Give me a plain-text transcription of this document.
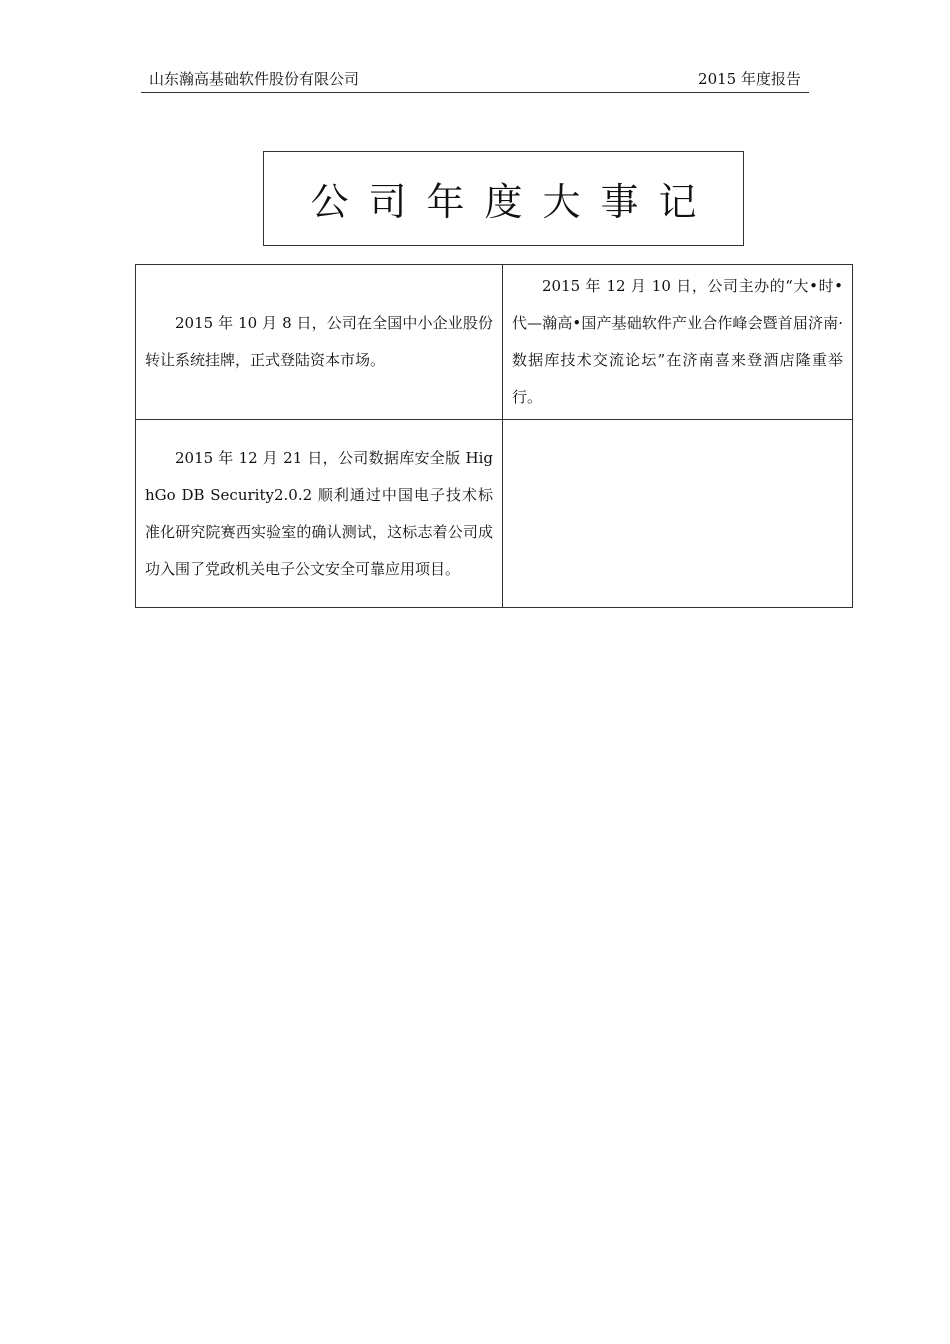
山东瀚高基础软件股份有限公司	2015 年度报告
公司年度大事记
2015 年 10 月 8 日，公司在全国中小企业股份转让系统挂牌，正式登陆资本市场。	2015 年 12 月 10 日，公司主办的“大•时•代—瀚高•国产基础软件产业合作峰会暨首届济南·数据库技术交流论坛”在济南喜来登酒店隆重举行。
2015 年 12 月 21 日，公司数据库安全版 HighGo DB Security2.0.2 顺利通过中国电子技术标准化研究院赛西实验室的确认测试，这标志着公司成功入围了党政机关电子公文安全可靠应用项目。	
